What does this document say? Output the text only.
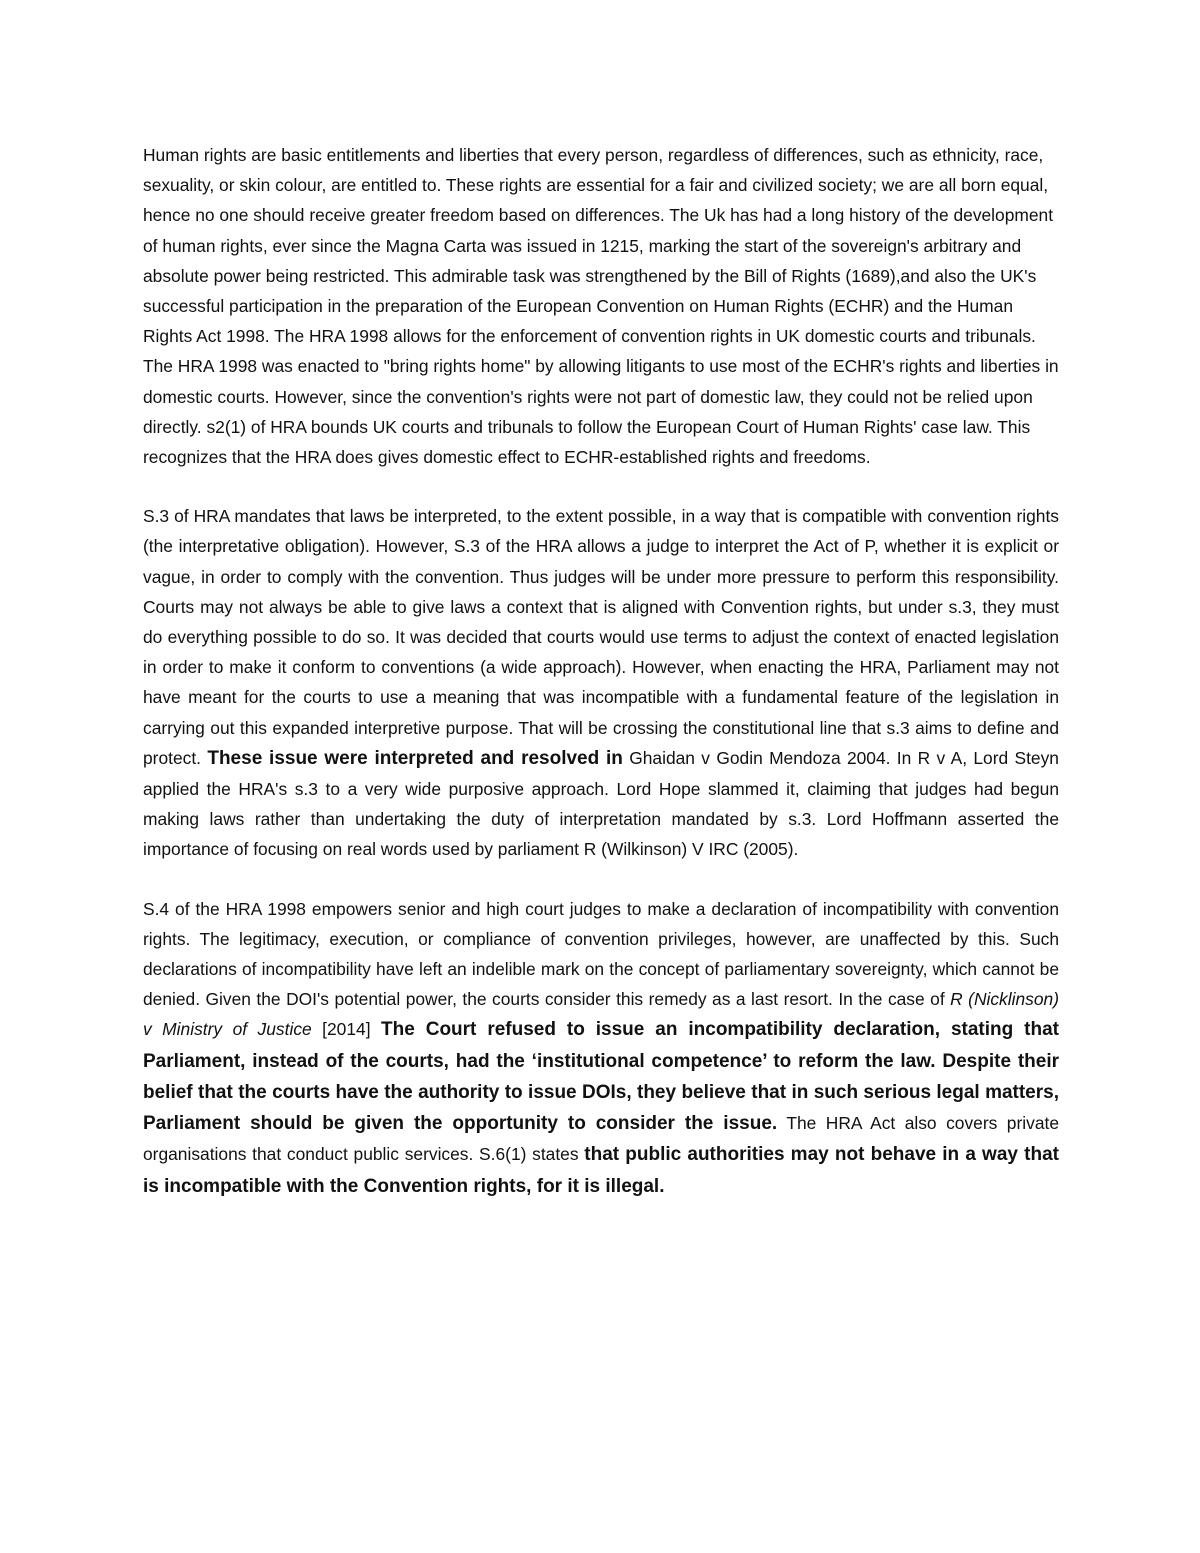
Human rights are basic entitlements and liberties that every person, regardless of differences, such as ethnicity, race, sexuality, or skin colour, are entitled to. These rights are essential for a fair and civilized society; we are all born equal, hence no one should receive greater freedom based on differences. The Uk has had a long history of the development of human rights, ever since the Magna Carta was issued in 1215, marking the start of the sovereign's arbitrary and absolute power being restricted. This admirable task was strengthened by the Bill of Rights (1689),and also the UK's successful participation in the preparation of the European Convention on Human Rights (ECHR) and the Human Rights Act 1998. The HRA 1998 allows for the enforcement of convention rights in UK domestic courts and tribunals. The HRA 1998 was enacted to "bring rights home" by allowing litigants to use most of the ECHR's rights and liberties in domestic courts. However, since the convention's rights were not part of domestic law, they could not be relied upon directly. s2(1) of HRA bounds UK courts and tribunals to follow the European Court of Human Rights' case law. This recognizes that the HRA does gives domestic effect to ECHR-established rights and freedoms.

S.3 of HRA mandates that laws be interpreted, to the extent possible, in a way that is compatible with convention rights (the interpretative obligation). However, S.3 of the HRA allows a judge to interpret the Act of P, whether it is explicit or vague, in order to comply with the convention. Thus judges will be under more pressure to perform this responsibility. Courts may not always be able to give laws a context that is aligned with Convention rights, but under s.3, they must do everything possible to do so. It was decided that courts would use terms to adjust the context of enacted legislation in order to make it conform to conventions (a wide approach). However, when enacting the HRA, Parliament may not have meant for the courts to use a meaning that was incompatible with a fundamental feature of the legislation in carrying out this expanded interpretive purpose. That will be crossing the constitutional line that s.3 aims to define and protect. These issue were interpreted and resolved in Ghaidan v Godin Mendoza 2004. In R v A, Lord Steyn applied the HRA's s.3 to a very wide purposive approach. Lord Hope slammed it, claiming that judges had begun making laws rather than undertaking the duty of interpretation mandated by s.3. Lord Hoffmann asserted the importance of focusing on real words used by parliament R (Wilkinson) V IRC (2005).

S.4 of the HRA 1998 empowers senior and high court judges to make a declaration of incompatibility with convention rights. The legitimacy, execution, or compliance of convention privileges, however, are unaffected by this. Such declarations of incompatibility have left an indelible mark on the concept of parliamentary sovereignty, which cannot be denied. Given the DOI's potential power, the courts consider this remedy as a last resort. In the case of R (Nicklinson) v Ministry of Justice [2014] The Court refused to issue an incompatibility declaration, stating that Parliament, instead of the courts, had the ‘institutional competence’ to reform the law. Despite their belief that the courts have the authority to issue DOIs, they believe that in such serious legal matters, Parliament should be given the opportunity to consider the issue. The HRA Act also covers private organisations that conduct public services. S.6(1) states that public authorities may not behave in a way that is incompatible with the Convention rights, for it is illegal.
